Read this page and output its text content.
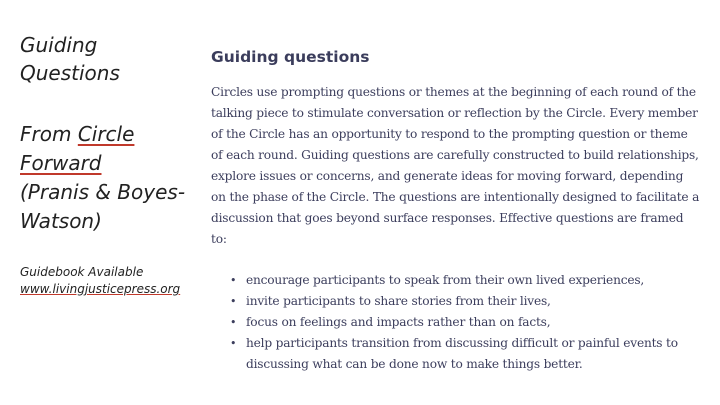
Guiding Questions
From Circle Forward
(Pranis & Boyes-Watson)
Guidebook Available
www.livingjusticepress.org
Guiding questions

Circles use prompting questions or themes at the beginning of each round of the talking piece to stimulate conversation or reflection by the Circle. Every member of the Circle has an opportunity to respond to the prompting question or theme of each round. Guiding questions are carefully constructed to build relationships, explore issues or concerns, and generate ideas for moving forward, depending on the phase of the Circle. The questions are intentionally designed to facilitate a discussion that goes beyond surface responses. Effective questions are framed to:

• encourage participants to speak from their own lived experiences,
• invite participants to share stories from their lives,
• focus on feelings and impacts rather than on facts,
• help participants transition from discussing difficult or painful events to discussing what can be done now to make things better.
